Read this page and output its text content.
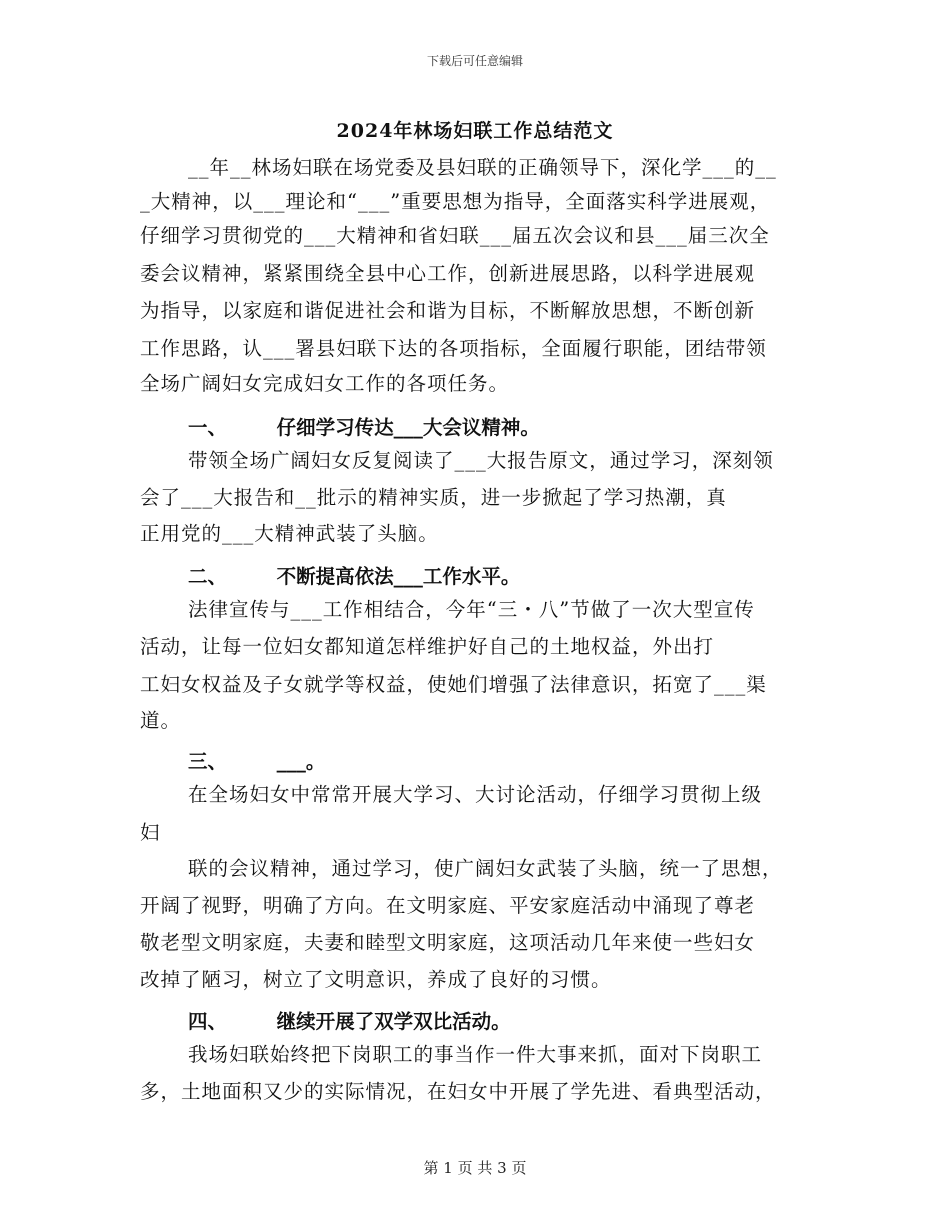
下载后可任意编辑
2024年林场妇联工作总结范文
__年__林场妇联在场党委及县妇联的正确领导下，深化学___的__
_大精神，以___理论和“___”重要思想为指导，全面落实科学进展观，
仔细学习贯彻党的___大精神和省妇联___届五次会议和县___届三次全
委会议精神，紧紧围绕全县中心工作，创新进展思路，以科学进展观
为指导，以家庭和谐促进社会和谐为目标，不断解放思想，不断创新
工作思路，认___署县妇联下达的各项指标，全面履行职能，团结带领
全场广阔妇女完成妇女工作的各项任务。
一、	仔细学习传达___大会议精神。
带领全场广阔妇女反复阅读了___大报告原文，通过学习，深刻领
会了___大报告和__批示的精神实质，进一步掀起了学习热潮，真
正用党的___大精神武装了头脑。
二、	不断提高依法___工作水平。
法律宣传与___工作相结合，今年“三・八”节做了一次大型宣传
活动，让每一位妇女都知道怎样维护好自己的土地权益，外出打
工妇女权益及子女就学等权益，使她们增强了法律意识，拓宽了___渠
道。
三、	___。
在全场妇女中常常开展大学习、大讨论活动，仔细学习贯彻上级
妇
联的会议精神，通过学习，使广阔妇女武装了头脑，统一了思想，
开阔了视野，明确了方向。在文明家庭、平安家庭活动中涌现了尊老
敬老型文明家庭，夫妻和睦型文明家庭，这项活动几年来使一些妇女
改掉了陋习，树立了文明意识，养成了良好的习惯。
四、	继续开展了双学双比活动。
我场妇联始终把下岗职工的事当作一件大事来抓，面对下岗职工
多，土地面积又少的实际情况，在妇女中开展了学先进、看典型活动，
第 1 页 共 3 页
